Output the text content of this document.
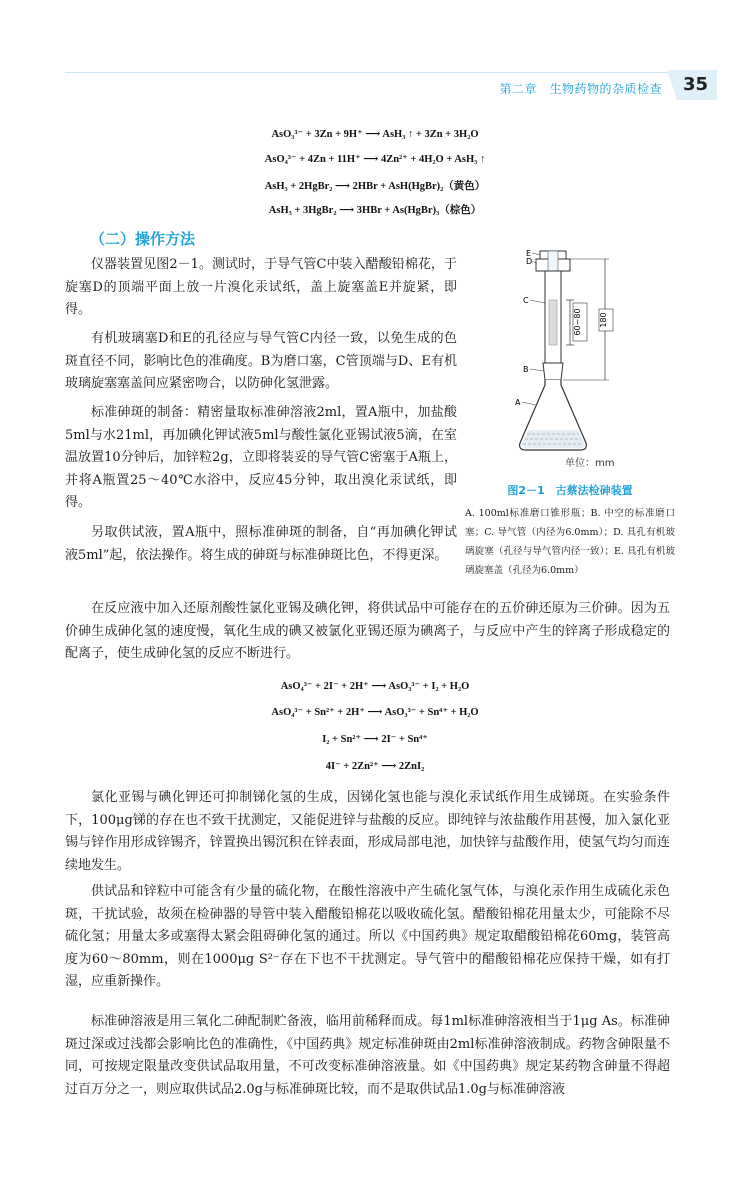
第二章　生物药物的杂质检查 35
AsO₃³⁻ + 3Zn + 9H⁺ ⟶ AsH₃ ↑ + 3Zn + 3H₂O
AsO₄³⁻ + 4Zn + 11H⁺ ⟶ 4Zn²⁺ + 4H₂O + AsH₃ ↑
AsH₃ + 2HgBr₂ ⟶ 2HBr + AsH(HgBr)₂（黄色）
AsH₃ + 3HgBr₂ ⟶ 3HBr + As(HgBr)₃（棕色）
（二）操作方法

仪器装置见图2－1。测试时，于导气管C中装入醋酸铅棉花，于旋塞D的顶端平面上放一片溴化汞试纸，盖上旋塞盖E并旋紧，即得。

有机玻璃塞D和E的孔径应与导气管C内径一致，以免生成的色斑直径不同，影响比色的准确度。B为磨口塞，C管顶端与D、E有机玻璃旋塞塞盖间应紧密吻合，以防砷化氢泄露。

标准砷斑的制备：精密量取标准砷溶液2ml，置A瓶中，加盐酸5ml与水21ml，再加碘化钾试液5ml与酸性氯化亚锡试液5滴，在室温放置10分钟后，加锌粒2g，立即将装妥的导气管C密塞于A瓶上，并将A瓶置25～40℃水浴中，反应45分钟，取出溴化汞试纸，即得。

另取供试液，置A瓶中，照标准砷斑的制备，自“再加碘化钾试液5ml”起，依法操作。将生成的砷斑与标准砷斑比色，不得更深。

60~80 180
E
D
C
B
A
单位：mm
图2－1　古蔡法检砷装置

A. 100ml标准磨口锥形瓶；B. 中空的标准磨口塞；C. 导气管（内径为6.0mm）；D. 具孔有机玻璃旋塞（孔径与导气管内径一致）；E. 具孔有机玻璃旋塞盖（孔径为6.0mm）

在反应液中加入还原剂酸性氯化亚锡及碘化钾，将供试品中可能存在的五价砷还原为三价砷。因为五价砷生成砷化氢的速度慢，氧化生成的碘又被氯化亚锡还原为碘离子，与反应中产生的锌离子形成稳定的配离子，使生成砷化氢的反应不断进行。

AsO₄³⁻ + 2I⁻ + 2H⁺ ⟶ AsO₃³⁻ + I₂ + H₂O
AsO₄³⁻ + Sn²⁺ + 2H⁺ ⟶ AsO₃³⁻ + Sn⁴⁺ + H₂O
I₂ + Sn²⁺ ⟶ 2I⁻ + Sn⁴⁺
4I⁻ + 2Zn²⁺ ⟶ 2ZnI₂

氯化亚锡与碘化钾还可抑制锑化氢的生成，因锑化氢也能与溴化汞试纸作用生成锑斑。在实验条件下，100μg锑的存在也不致干扰测定，又能促进锌与盐酸的反应。即纯锌与浓盐酸作用甚慢，加入氯化亚锡与锌作用形成锌锡齐，锌置换出锡沉积在锌表面，形成局部电池，加快锌与盐酸作用，使氢气均匀而连续地发生。

供试品和锌粒中可能含有少量的硫化物，在酸性溶液中产生硫化氢气体，与溴化汞作用生成硫化汞色斑，干扰试验，故须在检砷器的导管中装入醋酸铅棉花以吸收硫化氢。醋酸铅棉花用量太少，可能除不尽硫化氢；用量太多或塞得太紧会阻碍砷化氢的通过。所以《中国药典》规定取醋酸铅棉花60mg，装管高度为60～80mm，则在1000μg S²⁻存在下也不干扰测定。导气管中的醋酸铅棉花应保持干燥，如有打湿，应重新操作。

标准砷溶液是用三氧化二砷配制贮备液，临用前稀释而成。每1ml标准砷溶液相当于1μg As。标准砷斑过深或过浅都会影响比色的准确性，《中国药典》规定标准砷斑由2ml标准砷溶液制成。药物含砷限量不同，可按规定限量改变供试品取用量，不可改变标准砷溶液量。如《中国药典》规定某药物含砷量不得超过百万分之一，则应取供试品2.0g与标准砷斑比较，而不是取供试品1.0g与标准砷溶液
